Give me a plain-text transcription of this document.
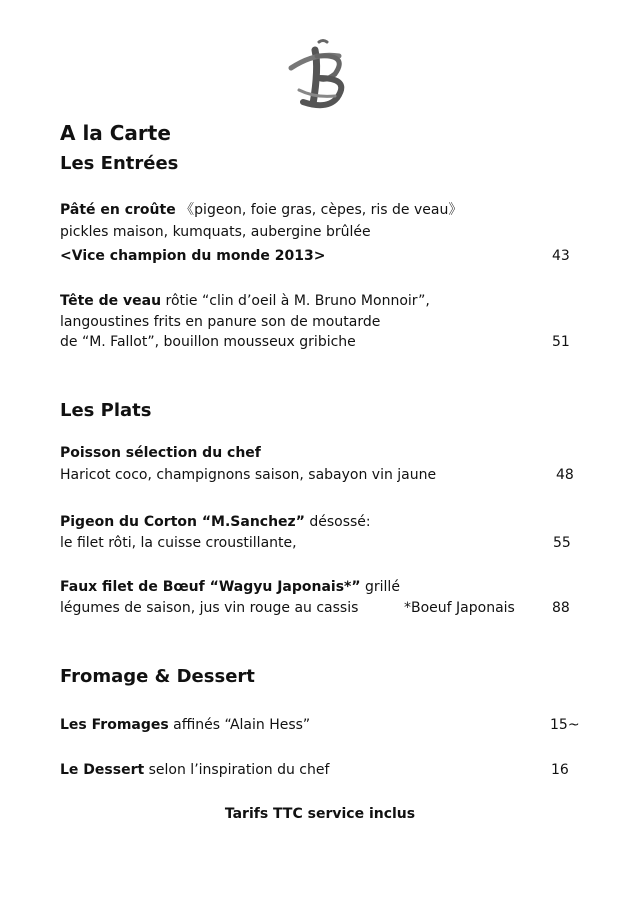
A la Carte
Les Entrées
Pâté en croûte 《pigeon, foie gras, cèpes, ris de veau》
pickles maison, kumquats, aubergine brûlée
<Vice champion du monde 2013>	43
Tête de veau rôtie “clin d’oeil à M. Bruno Monnoir”,
langoustines frits en panure son de moutarde
de “M. Fallot”, bouillon mousseux gribiche	51
Les Plats
Poisson sélection du chef
Haricot coco, champignons saison, sabayon vin jaune	48
Pigeon du Corton “M.Sanchez” désossé:
le filet rôti, la cuisse croustillante,	55
Faux filet de Bœuf “Wagyu Japonais*” grillé
légumes de saison, jus vin rouge au cassis	*Boeuf Japonais	88
Fromage & Dessert
Les Fromages affinés “Alain Hess”	15~
Le Dessert selon l’inspiration du chef	16
Tarifs TTC service inclus
